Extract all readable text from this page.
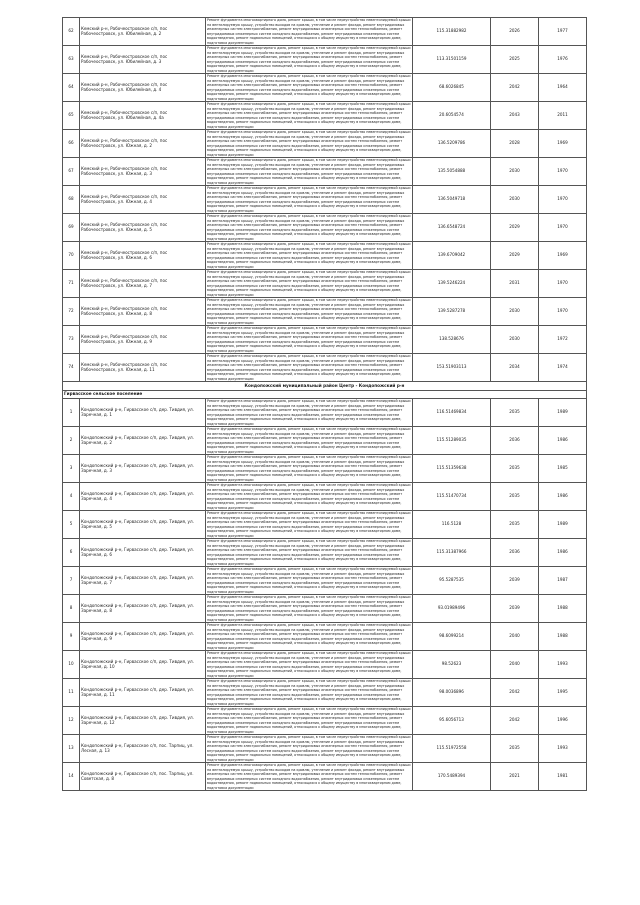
62	Кемский р-н, Рабочеостровское с/п, пос Рабочеостровск, ул. Юбилейная, д. 2	Ремонт фундамента многоквартирного дома, ремонт крыши, в том числе переустройство невентилируемой крыши на вентилируемую крышу, устройство выходов на кровлю, утепление и ремонт фасада, ремонт внутридомовых инженерных систем электроснабжения, ремонт внутридомовых инженерных систем теплоснабжения, ремонт внутридомовых инженерных систем холодного водоснабжения, ремонт внутридомовых инженерных систем водоотведения, ремонт подвальных помещений, относящихся к общему имуществу в многоквартирном доме, подготовка документации	115.31882982	2026	1977
63	Кемский р-н, Рабочеостровское с/п, пос Рабочеостровск, ул. Юбилейная, д. 3	Ремонт фундамента многоквартирного дома, ремонт крыши, в том числе переустройство невентилируемой крыши на вентилируемую крышу, устройство выходов на кровлю, утепление и ремонт фасада, ремонт внутридомовых инженерных систем электроснабжения, ремонт внутридомовых инженерных систем теплоснабжения, ремонт внутридомовых инженерных систем холодного водоснабжения, ремонт внутридомовых инженерных систем водоотведения, ремонт подвальных помещений, относящихся к общему имуществу в многоквартирном доме, подготовка документации	113.31501159	2025	1976
64	Кемский р-н, Рабочеостровское с/п, пос Рабочеостровск, ул. Юбилейная, д. 4	Ремонт фундамента многоквартирного дома, ремонт крыши, в том числе переустройство невентилируемой крыши на вентилируемую крышу, устройство выходов на кровлю, утепление и ремонт фасада, ремонт внутридомовых инженерных систем электроснабжения, ремонт внутридомовых инженерных систем теплоснабжения, ремонт внутридомовых инженерных систем холодного водоснабжения, ремонт внутридомовых инженерных систем водоотведения, ремонт подвальных помещений, относящихся к общему имуществу в многоквартирном доме, подготовка документации	68.6026845	2042	1964
65	Кемский р-н, Рабочеостровское с/п, пос Рабочеостровск, ул. Юбилейная, д. 4а	Ремонт фундамента многоквартирного дома, ремонт крыши, в том числе переустройство невентилируемой крыши на вентилируемую крышу, устройство выходов на кровлю, утепление и ремонт фасада, ремонт внутридомовых инженерных систем электроснабжения, ремонт внутридомовых инженерных систем теплоснабжения, ремонт внутридомовых инженерных систем холодного водоснабжения, ремонт внутридомовых инженерных систем водоотведения, ремонт подвальных помещений, относящихся к общему имуществу в многоквартирном доме, подготовка документации	20.6054574	2043	2011
66	Кемский р-н, Рабочеостровское с/п, пос Рабочеостровск, ул. Южная, д. 2	Ремонт фундамента многоквартирного дома, ремонт крыши, в том числе переустройство невентилируемой крыши на вентилируемую крышу, устройство выходов на кровлю, утепление и ремонт фасада, ремонт внутридомовых инженерных систем электроснабжения, ремонт внутридомовых инженерных систем теплоснабжения, ремонт внутридомовых инженерных систем холодного водоснабжения, ремонт внутридомовых инженерных систем водоотведения, ремонт подвальных помещений, относящихся к общему имуществу в многоквартирном доме, подготовка документации	136.5209786	2028	1969
67	Кемский р-н, Рабочеостровское с/п, пос Рабочеостровск, ул. Южная, д. 3	Ремонт фундамента многоквартирного дома, ремонт крыши, в том числе переустройство невентилируемой крыши на вентилируемую крышу, устройство выходов на кровлю, утепление и ремонт фасада, ремонт внутридомовых инженерных систем электроснабжения, ремонт внутридомовых инженерных систем теплоснабжения, ремонт внутридомовых инженерных систем холодного водоснабжения, ремонт внутридомовых инженерных систем водоотведения, ремонт подвальных помещений, относящихся к общему имуществу в многоквартирном доме, подготовка документации	135.5054888	2030	1970
68	Кемский р-н, Рабочеостровское с/п, пос Рабочеостровск, ул. Южная, д. 4	Ремонт фундамента многоквартирного дома, ремонт крыши, в том числе переустройство невентилируемой крыши на вентилируемую крышу, устройство выходов на кровлю, утепление и ремонт фасада, ремонт внутридомовых инженерных систем электроснабжения, ремонт внутридомовых инженерных систем теплоснабжения, ремонт внутридомовых инженерных систем холодного водоснабжения, ремонт внутридомовых инженерных систем водоотведения, ремонт подвальных помещений, относящихся к общему имуществу в многоквартирном доме, подготовка документации	136.5049718	2030	1970
69	Кемский р-н, Рабочеостровское с/п, пос Рабочеостровск, ул. Южная, д. 5	Ремонт фундамента многоквартирного дома, ремонт крыши, в том числе переустройство невентилируемой крыши на вентилируемую крышу, устройство выходов на кровлю, утепление и ремонт фасада, ремонт внутридомовых инженерных систем электроснабжения, ремонт внутридомовых инженерных систем теплоснабжения, ремонт внутридомовых инженерных систем холодного водоснабжения, ремонт внутридомовых инженерных систем водоотведения, ремонт подвальных помещений, относящихся к общему имуществу в многоквартирном доме, подготовка документации	136.6548724	2029	1970
70	Кемский р-н, Рабочеостровское с/п, пос Рабочеостровск, ул. Южная, д. 6	Ремонт фундамента многоквартирного дома, ремонт крыши, в том числе переустройство невентилируемой крыши на вентилируемую крышу, устройство выходов на кровлю, утепление и ремонт фасада, ремонт внутридомовых инженерных систем электроснабжения, ремонт внутридомовых инженерных систем теплоснабжения, ремонт внутридомовых инженерных систем холодного водоснабжения, ремонт внутридомовых инженерных систем водоотведения, ремонт подвальных помещений, относящихся к общему имуществу в многоквартирном доме, подготовка документации	139.6709042	2029	1969
71	Кемский р-н, Рабочеостровское с/п, пос Рабочеостровск, ул. Южная, д. 7	Ремонт фундамента многоквартирного дома, ремонт крыши, в том числе переустройство невентилируемой крыши на вентилируемую крышу, устройство выходов на кровлю, утепление и ремонт фасада, ремонт внутридомовых инженерных систем электроснабжения, ремонт внутридомовых инженерных систем теплоснабжения, ремонт внутридомовых инженерных систем холодного водоснабжения, ремонт внутридомовых инженерных систем водоотведения, ремонт подвальных помещений, относящихся к общему имуществу в многоквартирном доме, подготовка документации	139.5246224	2031	1970
72	Кемский р-н, Рабочеостровское с/п, пос Рабочеостровск, ул. Южная, д. 8	Ремонт фундамента многоквартирного дома, ремонт крыши, в том числе переустройство невентилируемой крыши на вентилируемую крышу, устройство выходов на кровлю, утепление и ремонт фасада, ремонт внутридомовых инженерных систем электроснабжения, ремонт внутридомовых инженерных систем теплоснабжения, ремонт внутридомовых инженерных систем холодного водоснабжения, ремонт внутридомовых инженерных систем водоотведения, ремонт подвальных помещений, относящихся к общему имуществу в многоквартирном доме, подготовка документации	139.5287278	2030	1970
73	Кемский р-н, Рабочеостровское с/п, пос Рабочеостровск, ул. Южная, д. 9	Ремонт фундамента многоквартирного дома, ремонт крыши, в том числе переустройство невентилируемой крыши на вентилируемую крышу, устройство выходов на кровлю, утепление и ремонт фасада, ремонт внутридомовых инженерных систем электроснабжения, ремонт внутридомовых инженерных систем теплоснабжения, ремонт внутридомовых инженерных систем холодного водоснабжения, ремонт внутридомовых инженерных систем водоотведения, ремонт подвальных помещений, относящихся к общему имуществу в многоквартирном доме, подготовка документации	138.528676	2030	1972
74	Кемский р-н, Рабочеостровское с/п, пос Рабочеостровск, ул. Южная, д. 11	Ремонт фундамента многоквартирного дома, ремонт крыши, в том числе переустройство невентилируемой крыши на вентилируемую крышу, устройство выходов на кровлю, утепление и ремонт фасада, ремонт внутридомовых инженерных систем электроснабжения, ремонт внутридомовых инженерных систем теплоснабжения, ремонт внутридомовых инженерных систем холодного водоснабжения, ремонт внутридомовых инженерных систем водоотведения, ремонт подвальных помещений, относящихся к общему имуществу в многоквартирном доме, подготовка документации	153.51903113	2034	1974
Кондопожский муниципальный район Центр - Кондопожский р-н					
Гирвасское сельское поселение					
1	Кондопожский р-н, Гирвасское с/п, дер. Тивдия, ул. Заречная, д. 1	Ремонт фундамента многоквартирного дома, ремонт крыши, в том числе переустройство невентилируемой крыши на вентилируемую крышу, устройство выходов на кровлю, утепление и ремонт фасада, ремонт внутридомовых инженерных систем электроснабжения, ремонт внутридомовых инженерных систем теплоснабжения, ремонт внутридомовых инженерных систем холодного водоснабжения, ремонт внутридомовых инженерных систем водоотведения, ремонт подвальных помещений, относящихся к общему имуществу в многоквартирном доме, подготовка документации	116.51469834	2035	1989
2	Кондопожский р-н, Гирвасское с/п, дер. Тивдия, ул. Заречная, д. 2	Ремонт фундамента многоквартирного дома, ремонт крыши, в том числе переустройство невентилируемой крыши на вентилируемую крышу, устройство выходов на кровлю, утепление и ремонт фасада, ремонт внутридомовых инженерных систем электроснабжения, ремонт внутридомовых инженерных систем теплоснабжения, ремонт внутридомовых инженерных систем холодного водоснабжения, ремонт внутридомовых инженерных систем водоотведения, ремонт подвальных помещений, относящихся к общему имуществу в многоквартирном доме, подготовка документации	115.51289035	2036	1986
3	Кондопожский р-н, Гирвасское с/п, дер. Тивдия, ул. Заречная, д. 3	Ремонт фундамента многоквартирного дома, ремонт крыши, в том числе переустройство невентилируемой крыши на вентилируемую крышу, устройство выходов на кровлю, утепление и ремонт фасада, ремонт внутридомовых инженерных систем электроснабжения, ремонт внутридомовых инженерных систем теплоснабжения, ремонт внутридомовых инженерных систем холодного водоснабжения, ремонт внутридомовых инженерных систем водоотведения, ремонт подвальных помещений, относящихся к общему имуществу в многоквартирном доме, подготовка документации	115.51359638	2035	1985
4	Кондопожский р-н, Гирвасское с/п, дер. Тивдия, ул. Заречная, д. 4	Ремонт фундамента многоквартирного дома, ремонт крыши, в том числе переустройство невентилируемой крыши на вентилируемую крышу, устройство выходов на кровлю, утепление и ремонт фасада, ремонт внутридомовых инженерных систем электроснабжения, ремонт внутридомовых инженерных систем теплоснабжения, ремонт внутридомовых инженерных систем холодного водоснабжения, ремонт внутридомовых инженерных систем водоотведения, ремонт подвальных помещений, относящихся к общему имуществу в многоквартирном доме, подготовка документации	115.51470734	2035	1986
5	Кондопожский р-н, Гирвасское с/п, дер. Тивдия, ул. Заречная, д. 5	Ремонт фундамента многоквартирного дома, ремонт крыши, в том числе переустройство невентилируемой крыши на вентилируемую крышу, устройство выходов на кровлю, утепление и ремонт фасада, ремонт внутридомовых инженерных систем электроснабжения, ремонт внутридомовых инженерных систем теплоснабжения, ремонт внутридомовых инженерных систем холодного водоснабжения, ремонт внутридомовых инженерных систем водоотведения, ремонт подвальных помещений, относящихся к общему имуществу в многоквартирном доме, подготовка документации	116.5128	2035	1989
6	Кондопожский р-н, Гирвасское с/п, дер. Тивдия, ул. Заречная, д. 6	Ремонт фундамента многоквартирного дома, ремонт крыши, в том числе переустройство невентилируемой крыши на вентилируемую крышу, устройство выходов на кровлю, утепление и ремонт фасада, ремонт внутридомовых инженерных систем электроснабжения, ремонт внутридомовых инженерных систем теплоснабжения, ремонт внутридомовых инженерных систем холодного водоснабжения, ремонт внутридомовых инженерных систем водоотведения, ремонт подвальных помещений, относящихся к общему имуществу в многоквартирном доме, подготовка документации	115.31387966	2036	1986
7	Кондопожский р-н, Гирвасское с/п, дер. Тивдия, ул. Заречная, д. 7	Ремонт фундамента многоквартирного дома, ремонт крыши, в том числе переустройство невентилируемой крыши на вентилируемую крышу, устройство выходов на кровлю, утепление и ремонт фасада, ремонт внутридомовых инженерных систем электроснабжения, ремонт внутридомовых инженерных систем теплоснабжения, ремонт внутридомовых инженерных систем холодного водоснабжения, ремонт внутридомовых инженерных систем водоотведения, ремонт подвальных помещений, относящихся к общему имуществу в многоквартирном доме, подготовка документации	95.5287535	2039	1987
8	Кондопожский р-н, Гирвасское с/п, дер. Тивдия, ул. Заречная, д. 8	Ремонт фундамента многоквартирного дома, ремонт крыши, в том числе переустройство невентилируемой крыши на вентилируемую крышу, устройство выходов на кровлю, утепление и ремонт фасада, ремонт внутридомовых инженерных систем электроснабжения, ремонт внутридомовых инженерных систем теплоснабжения, ремонт внутридомовых инженерных систем холодного водоснабжения, ремонт внутридомовых инженерных систем водоотведения, ремонт подвальных помещений, относящихся к общему имуществу в многоквартирном доме, подготовка документации	93.01989496	2039	1988
9	Кондопожский р-н, Гирвасское с/п, дер. Тивдия, ул. Заречная, д. 9	Ремонт фундамента многоквартирного дома, ремонт крыши, в том числе переустройство невентилируемой крыши на вентилируемую крышу, устройство выходов на кровлю, утепление и ремонт фасада, ремонт внутридомовых инженерных систем электроснабжения, ремонт внутридомовых инженерных систем теплоснабжения, ремонт внутридомовых инженерных систем холодного водоснабжения, ремонт внутридомовых инженерных систем водоотведения, ремонт подвальных помещений, относящихся к общему имуществу в многоквартирном доме, подготовка документации	98.6099214	2040	1988
10	Кондопожский р-н, Гирвасское с/п, дер. Тивдия, ул. Заречная, д. 10	Ремонт фундамента многоквартирного дома, ремонт крыши, в том числе переустройство невентилируемой крыши на вентилируемую крышу, устройство выходов на кровлю, утепление и ремонт фасада, ремонт внутридомовых инженерных систем электроснабжения, ремонт внутридомовых инженерных систем теплоснабжения, ремонт внутридомовых инженерных систем холодного водоснабжения, ремонт внутридомовых инженерных систем водоотведения, ремонт подвальных помещений, относящихся к общему имуществу в многоквартирном доме, подготовка документации	98.52623	2040	1993
11	Кондопожский р-н, Гирвасское с/п, дер. Тивдия, ул. Заречная, д. 11	Ремонт фундамента многоквартирного дома, ремонт крыши, в том числе переустройство невентилируемой крыши на вентилируемую крышу, устройство выходов на кровлю, утепление и ремонт фасада, ремонт внутридомовых инженерных систем электроснабжения, ремонт внутридомовых инженерных систем теплоснабжения, ремонт внутридомовых инженерных систем холодного водоснабжения, ремонт внутридомовых инженерных систем водоотведения, ремонт подвальных помещений, относящихся к общему имуществу в многоквартирном доме, подготовка документации	98.0036896	2042	1995
12	Кондопожский р-н, Гирвасское с/п, дер. Тивдия, ул. Заречная, д. 12	Ремонт фундамента многоквартирного дома, ремонт крыши, в том числе переустройство невентилируемой крыши на вентилируемую крышу, устройство выходов на кровлю, утепление и ремонт фасада, ремонт внутридомовых инженерных систем электроснабжения, ремонт внутридомовых инженерных систем теплоснабжения, ремонт внутридомовых инженерных систем холодного водоснабжения, ремонт внутридомовых инженерных систем водоотведения, ремонт подвальных помещений, относящихся к общему имуществу в многоквартирном доме, подготовка документации	95.6056713	2042	1996
13	Кондопожский р-н, Гирвасское с/п, пос. Тарпиц, ул. Лесная, д. 13	Ремонт фундамента многоквартирного дома, ремонт крыши, в том числе переустройство невентилируемой крыши на вентилируемую крышу, устройство выходов на кровлю, утепление и ремонт фасада, ремонт внутридомовых инженерных систем электроснабжения, ремонт внутридомовых инженерных систем теплоснабжения, ремонт внутридомовых инженерных систем холодного водоснабжения, ремонт внутридомовых инженерных систем водоотведения, ремонт подвальных помещений, относящихся к общему имуществу в многоквартирном доме, подготовка документации	115.51972558	2035	1993
14	Кондопожский р-н, Гирвасское с/п, пос. Тарпиц, ул. Советская, д. 8	Ремонт фундамента многоквартирного дома, ремонт крыши, в том числе переустройство невентилируемой крыши на вентилируемую крышу, устройство выходов на кровлю, утепление и ремонт фасада, ремонт внутридомовых инженерных систем электроснабжения, ремонт внутридомовых инженерных систем теплоснабжения, ремонт внутридомовых инженерных систем холодного водоснабжения, ремонт внутридомовых инженерных систем водоотведения, ремонт подвальных помещений, относящихся к общему имуществу в многоквартирном доме, подготовка документации	170.5489394	2021	1981
